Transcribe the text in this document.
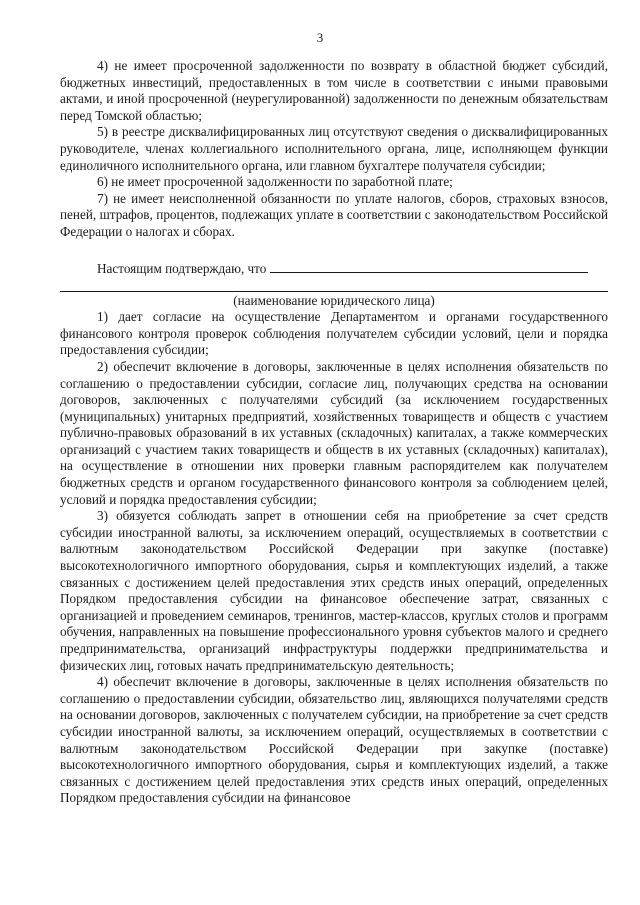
3

4) не имеет просроченной задолженности по возврату в областной бюджет субсидий, бюджетных инвестиций, предоставленных в том числе в соответствии с иными правовыми актами, и иной просроченной (неурегулированной) задолженности по денежным обязательствам перед Томской областью;

5) в реестре дисквалифицированных лиц отсутствуют сведения о дисквалифицированных руководителе, членах коллегиального исполнительного органа, лице, исполняющем функции единоличного исполнительного органа, или главном бухгалтере получателя субсидии;

6) не имеет просроченной задолженности по заработной плате;

7) не имеет неисполненной обязанности по уплате налогов, сборов, страховых взносов, пеней, штрафов, процентов, подлежащих уплате в соответствии с законодательством Российской Федерации о налогах и сборах.

Настоящим подтверждаю, что

(наименование юридического лица)

1) дает согласие на осуществление Департаментом и органами государственного финансового контроля проверок соблюдения получателем субсидии условий, цели и порядка предоставления субсидии;

2) обеспечит включение в договоры, заключенные в целях исполнения обязательств по соглашению о предоставлении субсидии, согласие лиц, получающих средства на основании договоров, заключенных с получателями субсидий (за исключением государственных (муниципальных) унитарных предприятий, хозяйственных товариществ и обществ с участием публично-правовых образований в их уставных (складочных) капиталах, а также коммерческих организаций с участием таких товариществ и обществ в их уставных (складочных) капиталах), на осуществление в отношении них проверки главным распорядителем как получателем бюджетных средств и органом государственного финансового контроля за соблюдением целей, условий и порядка предоставления субсидии;

3) обязуется соблюдать запрет в отношении себя на приобретение за счет средств субсидии иностранной валюты, за исключением операций, осуществляемых в соответствии с валютным законодательством Российской Федерации при закупке (поставке) высокотехнологичного импортного оборудования, сырья и комплектующих изделий, а также связанных с достижением целей предоставления этих средств иных операций, определенных Порядком предоставления субсидии на финансовое обеспечение затрат, связанных с организацией и проведением семинаров, тренингов, мастер-классов, круглых столов и программ обучения, направленных на повышение профессионального уровня субъектов малого и среднего предпринимательства, организаций инфраструктуры поддержки предпринимательства и физических лиц, готовых начать предпринимательскую деятельность;

4) обеспечит включение в договоры, заключенные в целях исполнения обязательств по соглашению о предоставлении субсидии, обязательство лиц, являющихся получателями средств на основании договоров, заключенных с получателем субсидии, на приобретение за счет средств субсидии иностранной валюты, за исключением операций, осуществляемых в соответствии с валютным законодательством Российской Федерации при закупке (поставке) высокотехнологичного импортного оборудования, сырья и комплектующих изделий, а также связанных с достижением целей предоставления этих средств иных операций, определенных Порядком предоставления субсидии на финансовое
